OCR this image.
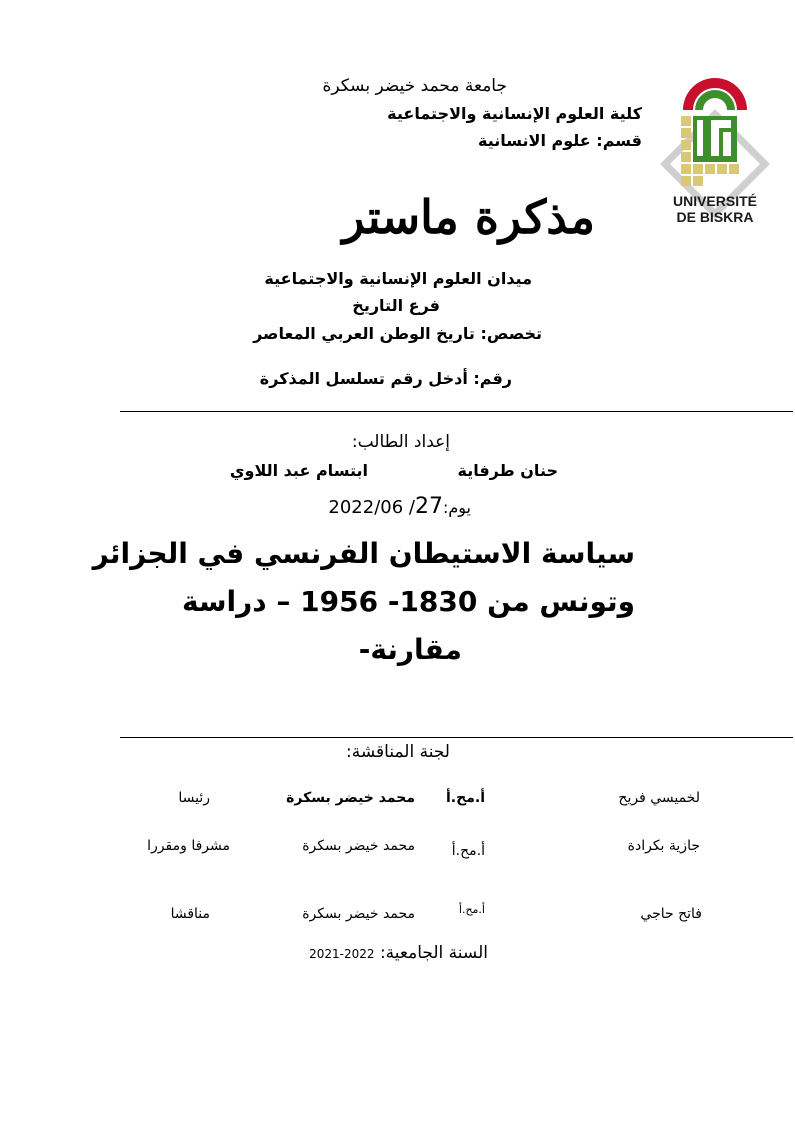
جامعة محمد خيضر بسكرة
كلية العلوم الإنسانية والاجتماعية
قسم: علوم الانسانية
UNIVERSITÉ
DE BISKRA
مذكرة ماستر
ميدان العلوم الإنسانية والاجتماعية
فرع التاريخ
تخصص: تاريخ الوطن العربي المعاصر
رقم: أدخل رقم تسلسل المذكرة
إعداد الطالب:
حنان طرفاية
ابتسام عبد اللاوي
يوم:27/ 2022/06
سياسة الاستيطان الفرنسي في الجزائر
وتونس من 1830- 1956 – دراسة
مقارنة-
لجنة المناقشة:
لخميسي فريح
أ.مح.أ
محمد خيضر بسكرة
رئيسا
جازية بكرادة
أ.مح.أ
محمد خيضر بسكرة
مشرفا ومقررا
فاتح حاجي
أ.مح.أ
محمد خيضر بسكرة
مناقشا
السنة الجامعية: 2022-2021
